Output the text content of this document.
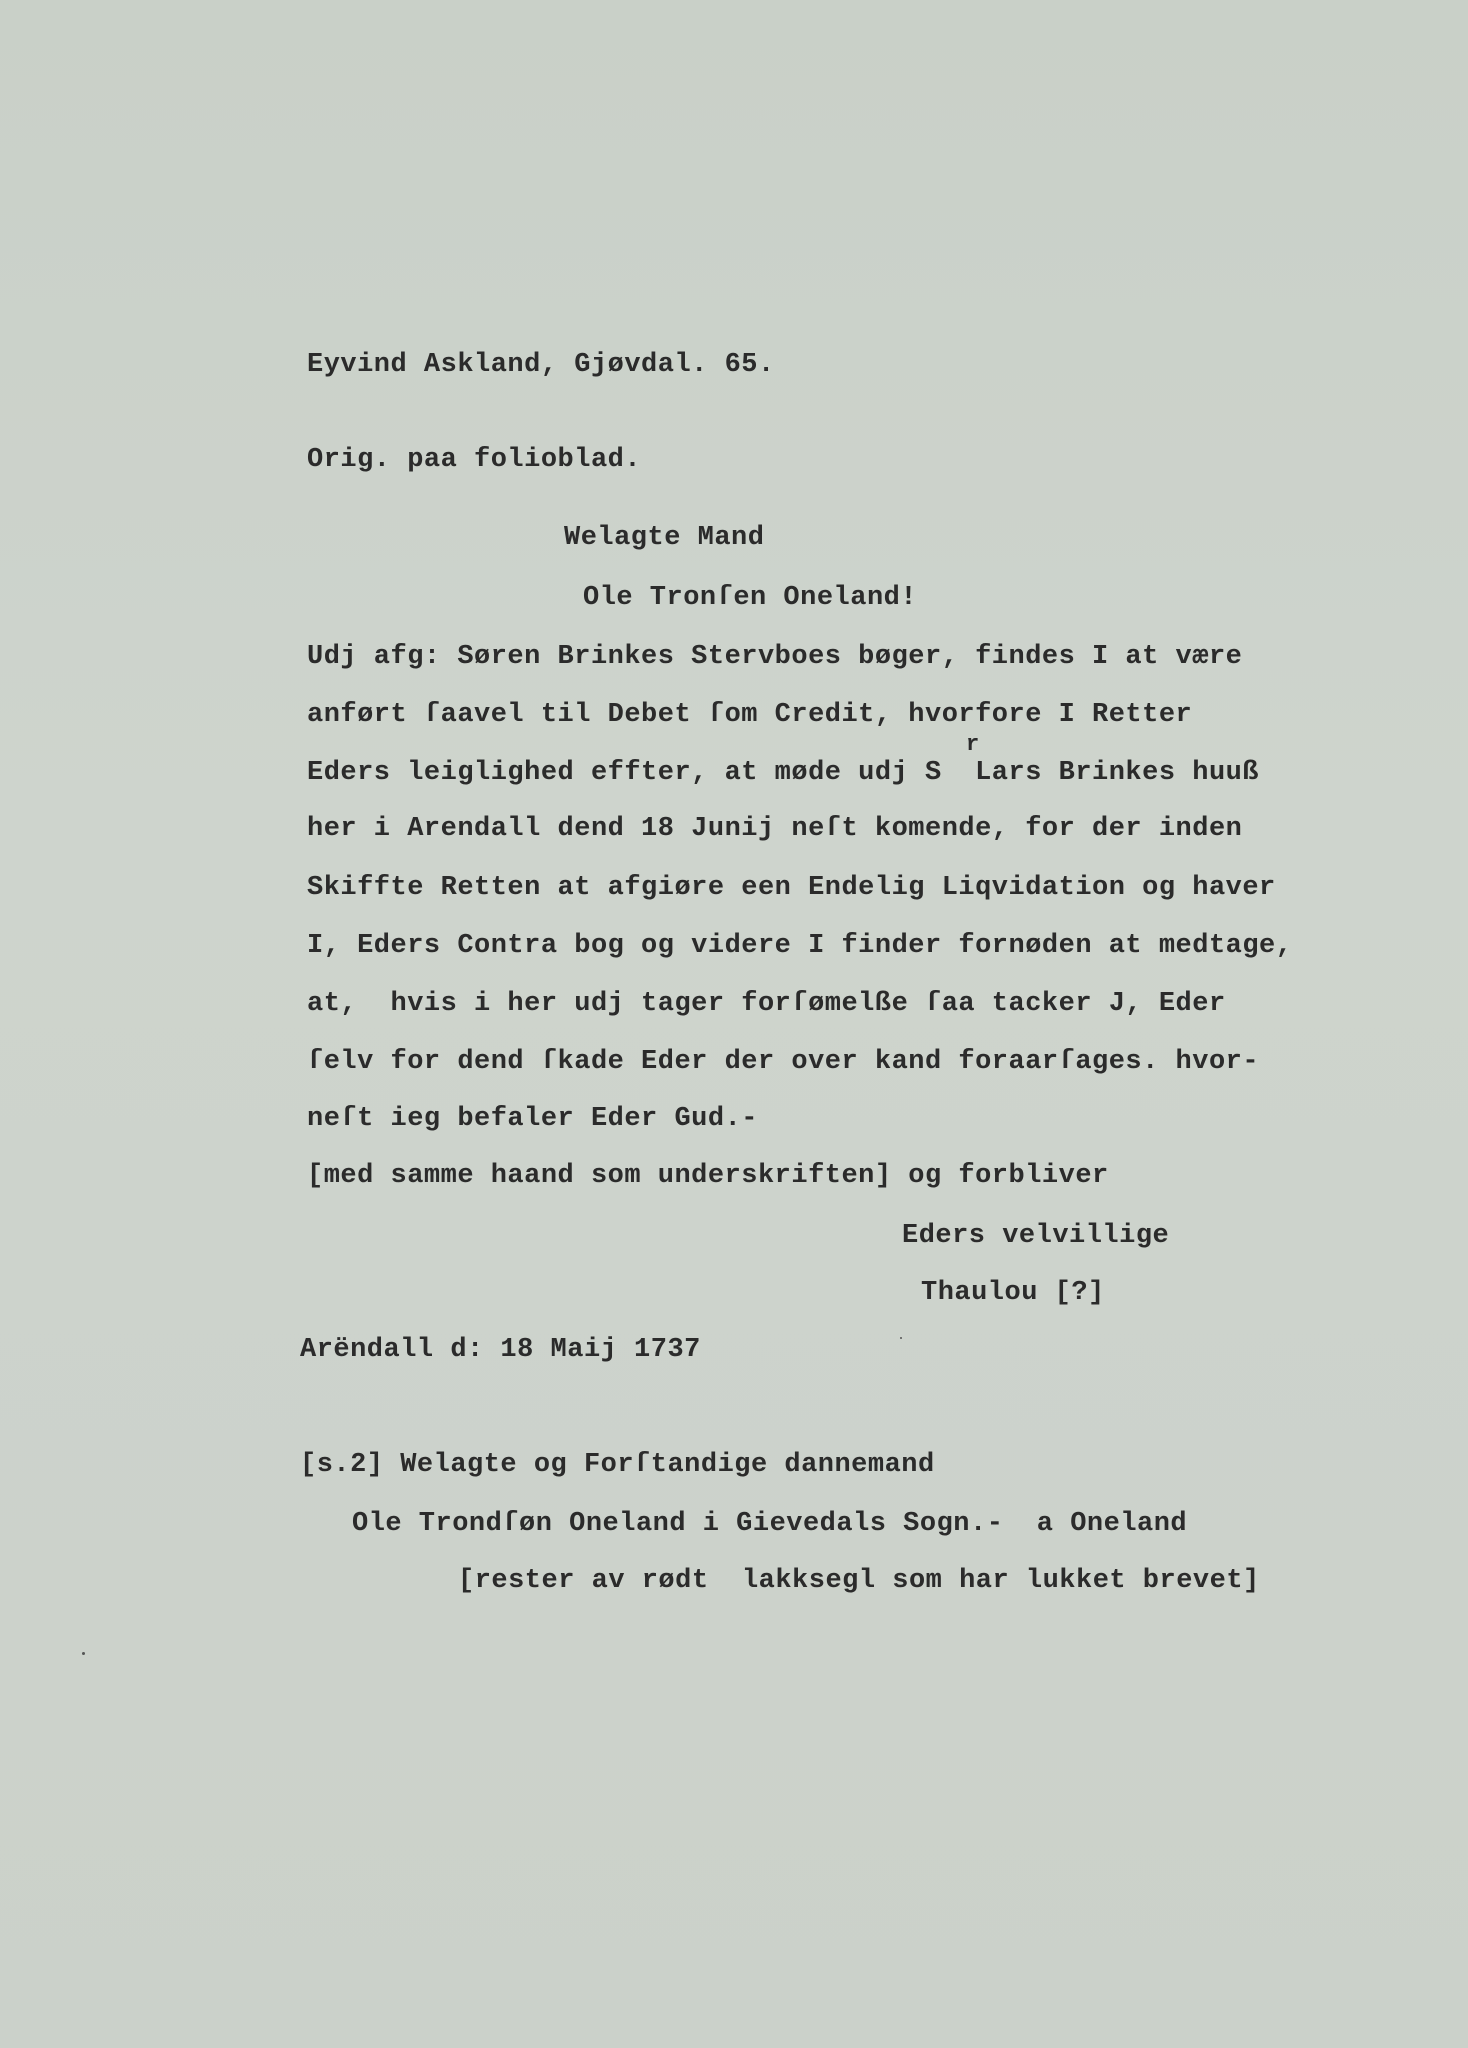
Eyvind Askland, Gjøvdal. 65.
Orig. paa folioblad.
Welagte Mand
Ole Tronſen Oneland!
Udj afg: Søren Brinkes Stervboes bøger, findes I at være
anført ſaavel til Debet ſom Credit, hvorfore I Retter
r
Eders leiglighed effter, at møde udj S  Lars Brinkes huuß
her i Arendall dend 18 Junij neſt komende, for der inden
Skiffte Retten at afgiøre een Endelig Liqvidation og haver
I, Eders Contra bog og videre I finder fornøden at medtage,
at,  hvis i her udj tager forſømelße ſaa tacker J, Eder
ſelv for dend ſkade Eder der over kand foraarſages. hvor-
neſt ieg befaler Eder Gud.-
[med samme haand som underskriften] og forbliver
Eders velvillige
Thaulou [?]
Arëndall d: 18 Maij 1737
[s.2] Welagte og Forſtandige dannemand
Ole Trondſøn Oneland i Gievedals Sogn.-  a Oneland
[rester av rødt  lakksegl som har lukket brevet]
